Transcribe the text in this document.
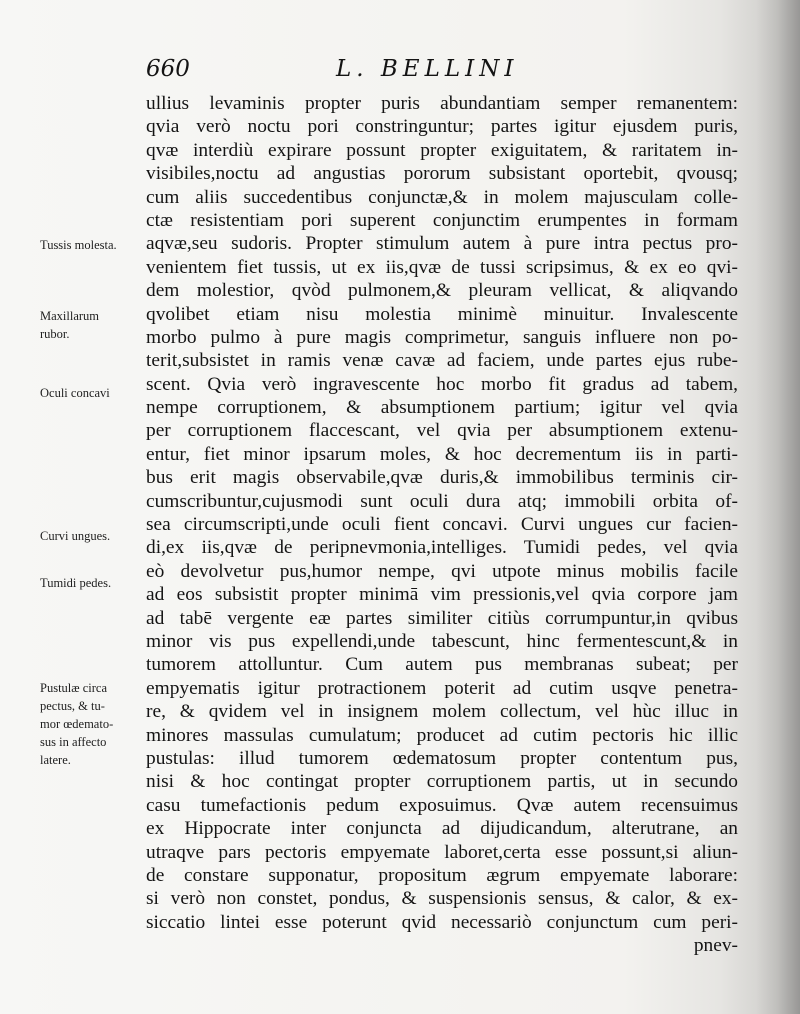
660	L. BELLINI
Tussis molesta.
Maxillarum
rubor.
Oculi concavi
Curvi ungues.
Tumidi pedes.
Pustulæ circa
pectus, & tu-
mor œdemato-
sus in affecto
latere.
ullius levaminis propter puris abundantiam semper remanentem:
qvia verò noctu pori constringuntur; partes igitur ejusdem puris,
qvæ interdiù expirare possunt propter exiguitatem, & raritatem in-
visibiles,noctu ad angustias pororum subsistant oportebit, qvousq;
cum aliis succedentibus conjunctæ,& in molem majusculam colle-
ctæ resistentiam pori superent conjunctim erumpentes in formam
aqvæ,seu sudoris. Propter stimulum autem à pure intra pectus pro-
venientem fiet tussis, ut ex iis,qvæ de tussi scripsimus, & ex eo qvi-
dem molestior, qvòd pulmonem,& pleuram vellicat, & aliqvando
qvolibet etiam nisu molestia minimè minuitur. Invalescente
morbo pulmo à pure magis comprimetur, sanguis influere non po-
terit,subsistet in ramis venæ cavæ ad faciem, unde partes ejus rube-
scent. Qvia verò ingravescente hoc morbo fit gradus ad tabem,
nempe corruptionem, & absumptionem partium; igitur vel qvia
per corruptionem flaccescant, vel qvia per absumptionem extenu-
entur, fiet minor ipsarum moles, & hoc decrementum iis in parti-
bus erit magis observabile,qvæ duris,& immobilibus terminis cir-
cumscribuntur,cujusmodi sunt oculi dura atq; immobili orbita of-
sea circumscripti,unde oculi fient concavi. Curvi ungues cur facien-
di,ex iis,qvæ de peripnevmonia,intelliges. Tumidi pedes, vel qvia
eò devolvetur pus,humor nempe, qvi utpote minus mobilis facile
ad eos subsistit propter minimā vim pressionis,vel qvia corpore jam
ad tabē vergente eæ partes similiter citiùs corrumpuntur,in qvibus
minor vis pus expellendi,unde tabescunt, hinc fermentescunt,& in
tumorem attolluntur. Cum autem pus membranas subeat; per
empyematis igitur protractionem poterit ad cutim usqve penetra-
re, & qvidem vel in insignem molem collectum, vel hùc illuc in
minores massulas cumulatum; producet ad cutim pectoris hic illic
pustulas: illud tumorem œdematosum propter contentum pus,
nisi & hoc contingat propter corruptionem partis, ut in secundo
casu tumefactionis pedum exposuimus. Qvæ autem recensuimus
ex Hippocrate inter conjuncta ad dijudicandum, alterutrane, an
utraqve pars pectoris empyemate laboret,certa esse possunt,si aliun-
de constare supponatur, propositum ægrum empyemate laborare:
si verò non constet, pondus, & suspensionis sensus, & calor, & ex-
siccatio lintei esse poterunt qvid necessariò conjunctum cum peri-
pnev-
